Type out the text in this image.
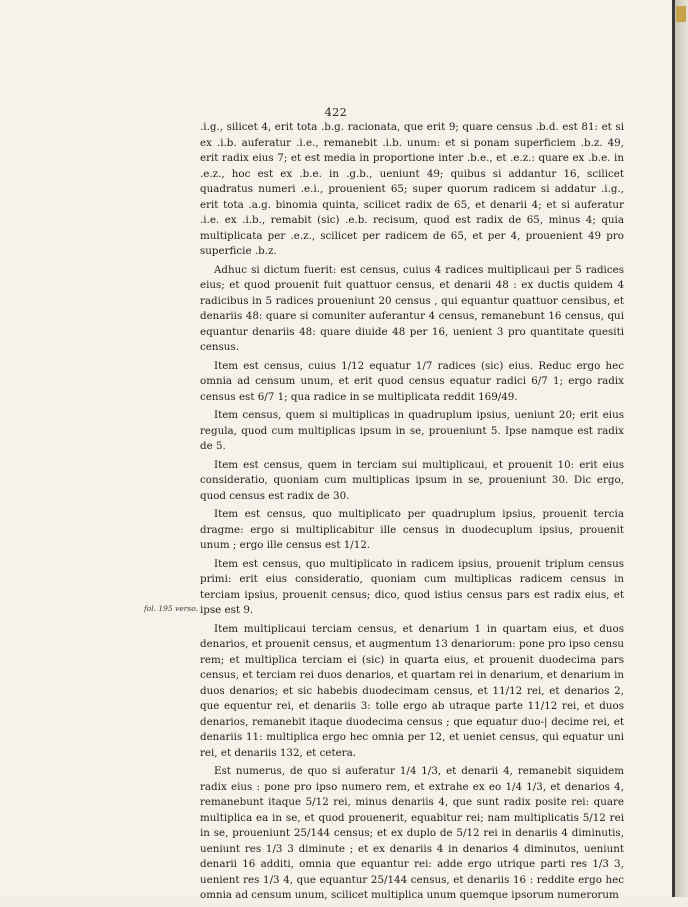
422
fol. 195 verso.

.i.g., silicet 4, erit tota .b.g. racionata, que erit 9; quare census .b.d. est 81: et si ex .i.b. auferatur .i.e., remanebit .i.b. unum: et si ponam superficiem .b.z. 49, erit radix eius 7; et est media in proportione inter .b.e., et .e.z.: quare ex .b.e. in .e.z., hoc est ex .b.e. in .g.b., ueniunt 49; quibus si addantur 16, scilicet quadratus numeri .e.i., prouenient 65; super quorum radicem si addatur .i.g., erit tota .a.g. binomia quinta, scilicet radix de 65, et denarii 4; et si auferatur .i.e. ex .i.b., remabit (sic) .e.b. recisum, quod est radix de 65, minus 4; quia multiplicata per .e.z., scilicet per radicem de 65, et per 4, prouenient 49 pro superficie .b.z.

Adhuc si dictum fuerit: est census, cuius 4 radices multiplicaui per 5 radices eius; et quod prouenit fuit quattuor census, et denarii 48 : ex ductis quidem 4 radicibus in 5 radices proueniunt 20 census , qui equantur quattuor censibus, et denariis 48: quare si comuniter auferantur 4 census, remanebunt 16 census, qui equantur denariis 48: quare diuide 48 per 16, uenient 3 pro quantitate quesiti census.

Item est census, cuius 1/12 equatur 1/7 radices (sic) eius. Reduc ergo hec omnia ad censum unum, et erit quod census equatur radici 6/7 1; ergo radix census est 6/7 1; qua radice in se multiplicata reddit 169/49.

Item census, quem si multiplicas in quadruplum ipsius, ueniunt 20; erit eius regula, quod cum multiplicas ipsum in se, proueniunt 5. Ipse namque est radix de 5.

Item est census, quem in terciam sui multiplicaui, et prouenit 10: erit eius consideratio, quoniam cum multiplicas ipsum in se, proueniunt 30. Dic ergo, quod census est radix de 30.

Item est census, quo multiplicato per quadruplum ipsius, prouenit tercia dragme: ergo si multiplicabitur ille census in duodecuplum ipsius, prouenit unum ; ergo ille census est 1/12.

Item est census, quo multiplicato in radicem ipsius, prouenit triplum census primi: erit eius consideratio, quoniam cum multiplicas radicem census in terciam ipsius, prouenit census; dico, quod istius census pars est radix eius, et ipse est 9.

Item multiplicaui terciam census, et denarium 1 in quartam eius, et duos denarios, et prouenit census, et augmentum 13 denariorum: pone pro ipso censu rem; et multiplica terciam ei (sic) in quarta eius, et prouenit duodecima pars census, et terciam rei duos denarios, et quartam rei in denarium, et denarium in duos denarios; et sic habebis duodecimam census, et 11/12 rei, et denarios 2, que equentur rei, et denariis 3: tolle ergo ab utraque parte 11/12 rei, et duos denarios, remanebit itaque duodecima census ; que equatur duo-| decime rei, et denariis 11: multiplica ergo hec omnia per 12, et ueniet census, qui equatur uni rei, et denariis 132, et cetera.

Est numerus, de quo si auferatur 1/4 1/3, et denarii 4, remanebit siquidem radix eius : pone pro ipso numero rem, et extrahe ex eo 1/4 1/3, et denarios 4, remanebunt itaque 5/12 rei, minus denariis 4, que sunt radix posite rei: quare multiplica ea in se, et quod prouenerit, equabitur rei; nam multiplicatis 5/12 rei in se, proueniunt 25/144 census; et ex duplo de 5/12 rei in denariis 4 diminutis, ueniunt res 1/3 3 diminute ; et ex denariis 4 in denarios 4 diminutos, ueniunt denarii 16 additi, omnia que equantur rei: adde ergo utrique parti res 1/3 3, uenient res 1/3 4, que equantur 25/144 census, et denariis 16 : reddite ergo hec omnia ad censum unum, scilicet multiplica unum quemque ipsorum numerorum
